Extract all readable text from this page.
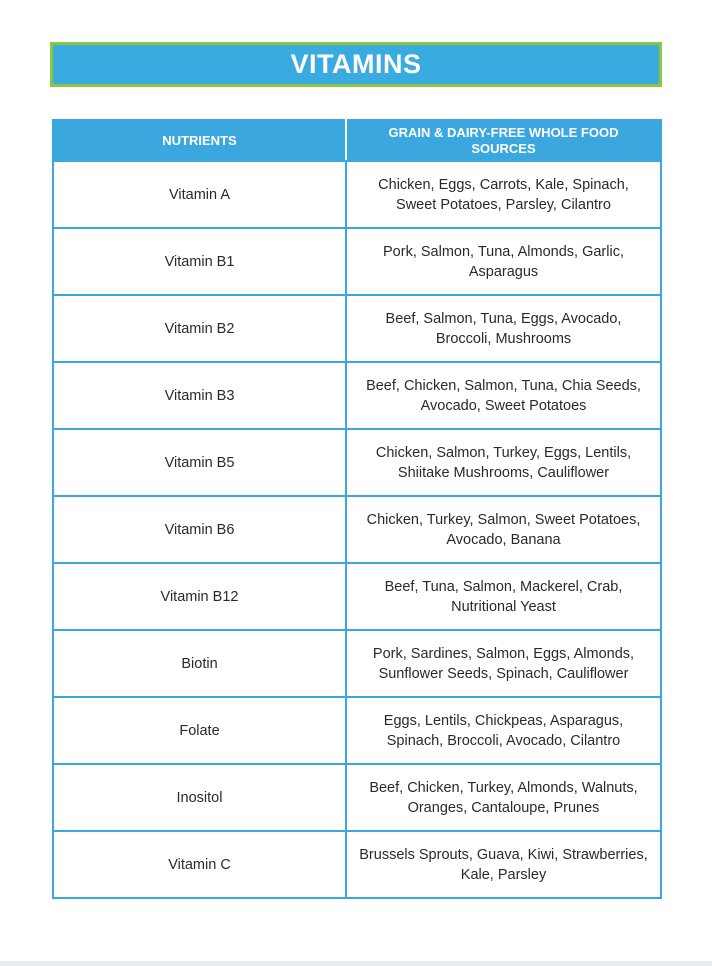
VITAMINS
NUTRIENTS	GRAIN & DAIRY-FREE WHOLE FOOD SOURCES
Vitamin A	Chicken, Eggs, Carrots, Kale, Spinach, Sweet Potatoes, Parsley, Cilantro
Vitamin B1	Pork, Salmon, Tuna, Almonds, Garlic, Asparagus
Vitamin B2	Beef, Salmon, Tuna, Eggs, Avocado, Broccoli, Mushrooms
Vitamin B3	Beef, Chicken, Salmon, Tuna, Chia Seeds, Avocado, Sweet Potatoes
Vitamin B5	Chicken, Salmon, Turkey, Eggs, Lentils, Shiitake Mushrooms, Cauliflower
Vitamin B6	Chicken, Turkey, Salmon, Sweet Potatoes, Avocado, Banana
Vitamin B12	Beef, Tuna, Salmon, Mackerel, Crab, Nutritional Yeast
Biotin	Pork, Sardines, Salmon, Eggs, Almonds, Sunflower Seeds, Spinach, Cauliflower
Folate	Eggs, Lentils, Chickpeas, Asparagus, Spinach, Broccoli, Avocado, Cilantro
Inositol	Beef, Chicken, Turkey, Almonds, Walnuts, Oranges, Cantaloupe, Prunes
Vitamin C	Brussels Sprouts, Guava, Kiwi, Strawberries, Kale, Parsley
